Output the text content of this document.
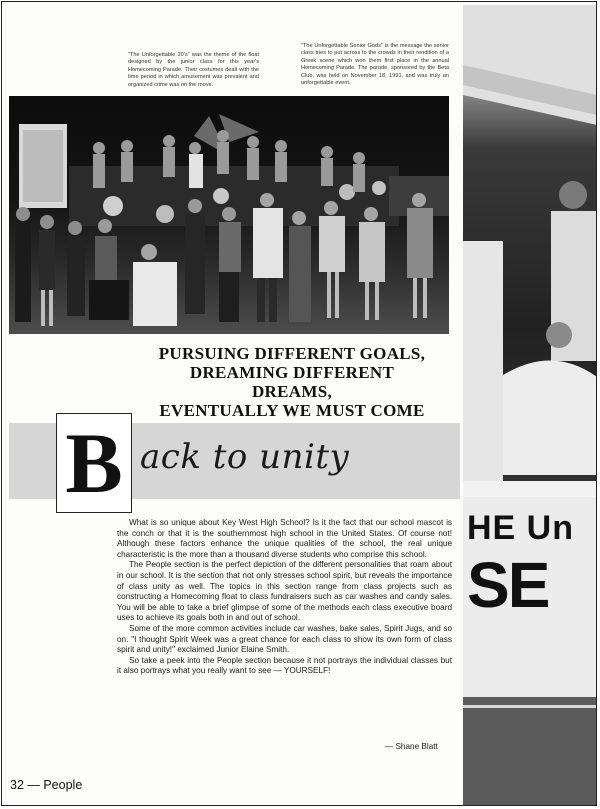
"The Unforgettable 20's" was the theme of the float designed by the junior class for this year's Homecoming Parade. Their costumes dealt with the time period in which amusement was prevalent and organized crime was on the move.
"The Unforgettable Senior Gods" is the message the senior class tries to put across to the crowds in their rendition of a Greek scene which won them first place in the annual Homecoming Parade. The parade, sponsored by the Beta Club, was held on November 18, 1991, and was truly an unforgettable event.
HE Un
SE
PURSUING DIFFERENT GOALS,
DREAMING DIFFERENT
DREAMS,
EVENTUALLY WE MUST COME
B ack to unity

What is so unique about Key West High School? Is it the fact that our school mascot is the conch or that it is the southernmost high school in the United States. Of course not! Although these factors enhance the unique qualities of the school, the real unique characteristic is the more than a thousand diverse students who comprise this school.

The People section is the perfect depiction of the different personalities that roam about in our school. It is the section that not only stresses school spirit, but reveals the importance of class unity as well. The topics in this section range from class projects such as constructing a Homecoming float to class fundraisers such as car washes and candy sales. You will be able to take a brief glimpse of some of the methods each class executive board uses to achieve its goals both in and out of school.

Some of the more common activities include car washes, bake sales, Spirit Jugs, and so on. "I thought Spirit Week was a great chance for each class to show its own form of class spirit and unity!" exclaimed Junior Elaine Smith.

So take a peek into the People section because it not portrays the individual classes but it also portrays what you really want to see — YOURSELF!

— Shane Blatt
32 — People
